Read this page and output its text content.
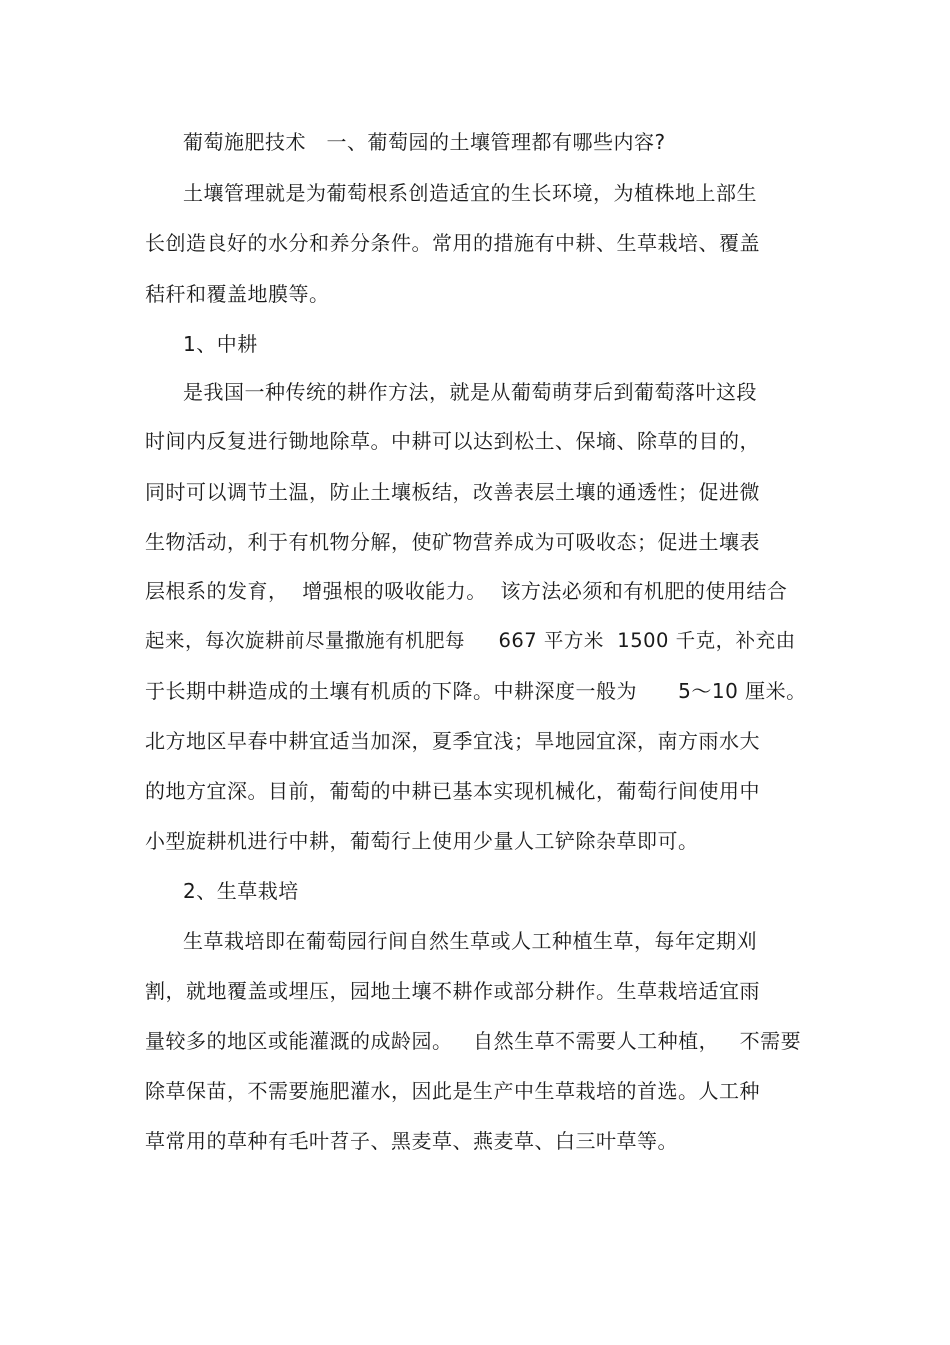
葡萄施肥技术　一、葡萄园的土壤管理都有哪些内容?
土壤管理就是为葡萄根系创造适宜的生长环境，为植株地上部生
长创造良好的水分和养分条件。常用的措施有中耕、生草栽培、覆盖
秸秆和覆盖地膜等。
1、中耕
是我国一种传统的耕作方法，就是从葡萄萌芽后到葡萄落叶这段
时间内反复进行锄地除草。中耕可以达到松土、保墒、除草的目的，
同时可以调节土温，防止土壤板结，改善表层土壤的通透性；促进微
生物活动，利于有机物分解，使矿物营养成为可吸收态；促进土壤表
层根系的发育，  增强根的吸收能力。  该方法必须和有机肥的使用结合
起来，每次旋耕前尽量撒施有机肥每     667 平方米  1500 千克，补充由
于长期中耕造成的土壤有机质的下降。中耕深度一般为      5～10 厘米。
北方地区早春中耕宜适当加深，夏季宜浅；旱地园宜深，南方雨水大
的地方宜深。目前，葡萄的中耕已基本实现机械化，葡萄行间使用中
小型旋耕机进行中耕，葡萄行上使用少量人工铲除杂草即可。
2、生草栽培
生草栽培即在葡萄园行间自然生草或人工种植生草，每年定期刈
割，就地覆盖或埋压，园地土壤不耕作或部分耕作。生草栽培适宜雨
量较多的地区或能灌溉的成龄园。   自然生草不需要人工种植，   不需要
除草保苗，不需要施肥灌水，因此是生产中生草栽培的首选。人工种
草常用的草种有毛叶苕子、黑麦草、燕麦草、白三叶草等。
